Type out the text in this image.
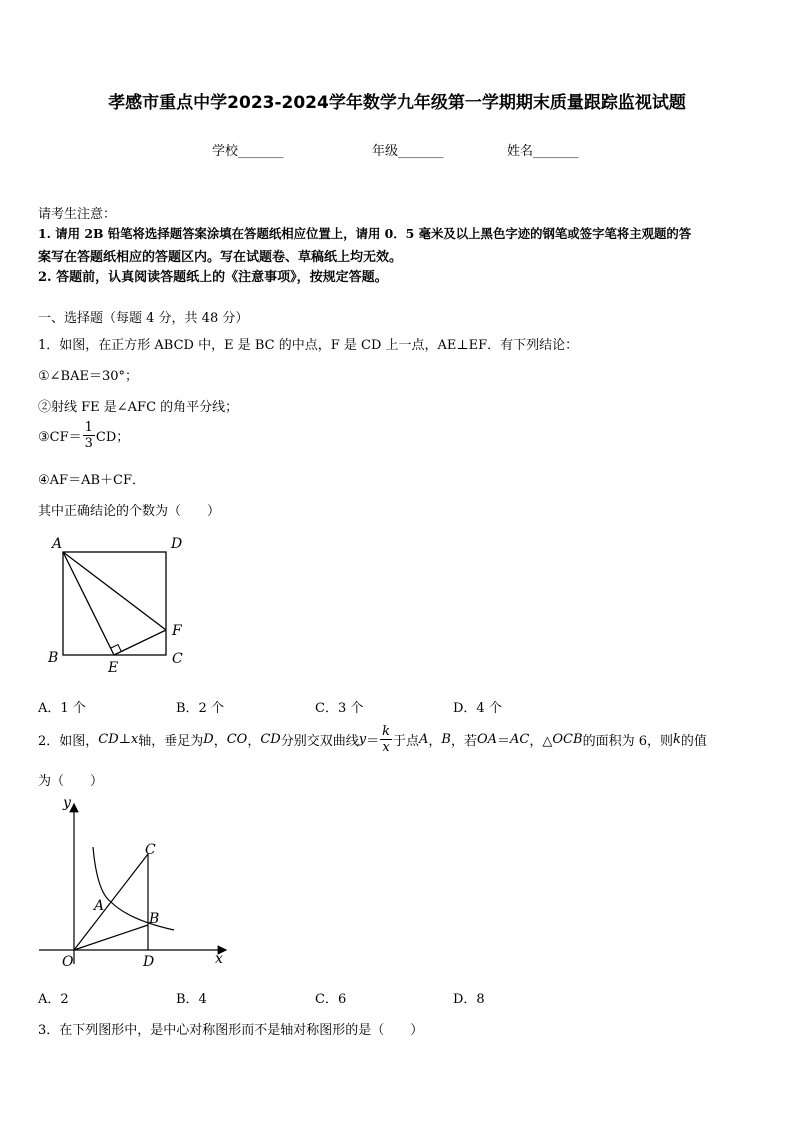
孝感市重点中学2023-2024学年数学九年级第一学期期末质量跟踪监视试题
学校_______	年级_______	姓名_______
请考生注意：
1. 请用 2B 铅笔将选择题答案涂填在答题纸相应位置上，请用 0．5 毫米及以上黑色字迹的钢笔或签字笔将主观题的答
案写在答题纸相应的答题区内。写在试题卷、草稿纸上均无效。
2. 答题前，认真阅读答题纸上的《注意事项》，按规定答题。
一、选择题（每题 4 分，共 48 分）
1．如图，在正方形 ABCD 中，E 是 BC 的中点，F 是 CD 上一点，AE⊥EF．有下列结论：
①∠BAE＝30°；
②射线 FE 是∠AFC 的角平分线；
③CF＝ $\frac{1}{3}$ CD；
④AF＝AB＋CF．
其中正确结论的个数为（　　）
A	D
B	C
E
F
A．1 个	B．2 个	C．3 个	D．4 个
2．如图， CD ⊥ x 轴，垂足为 D ， CO ， CD 分别交双曲线 $y = \frac{k}{x}$ 于点 A ， B ，若 OA ＝ AC ，△ OCB 的面积为 6，则 k 的值
为（　　）
y
x
O	D
C
A
B
A．2	B．4	C．6	D．8
3．在下列图形中，是中心对称图形而不是轴对称图形的是（　　）
